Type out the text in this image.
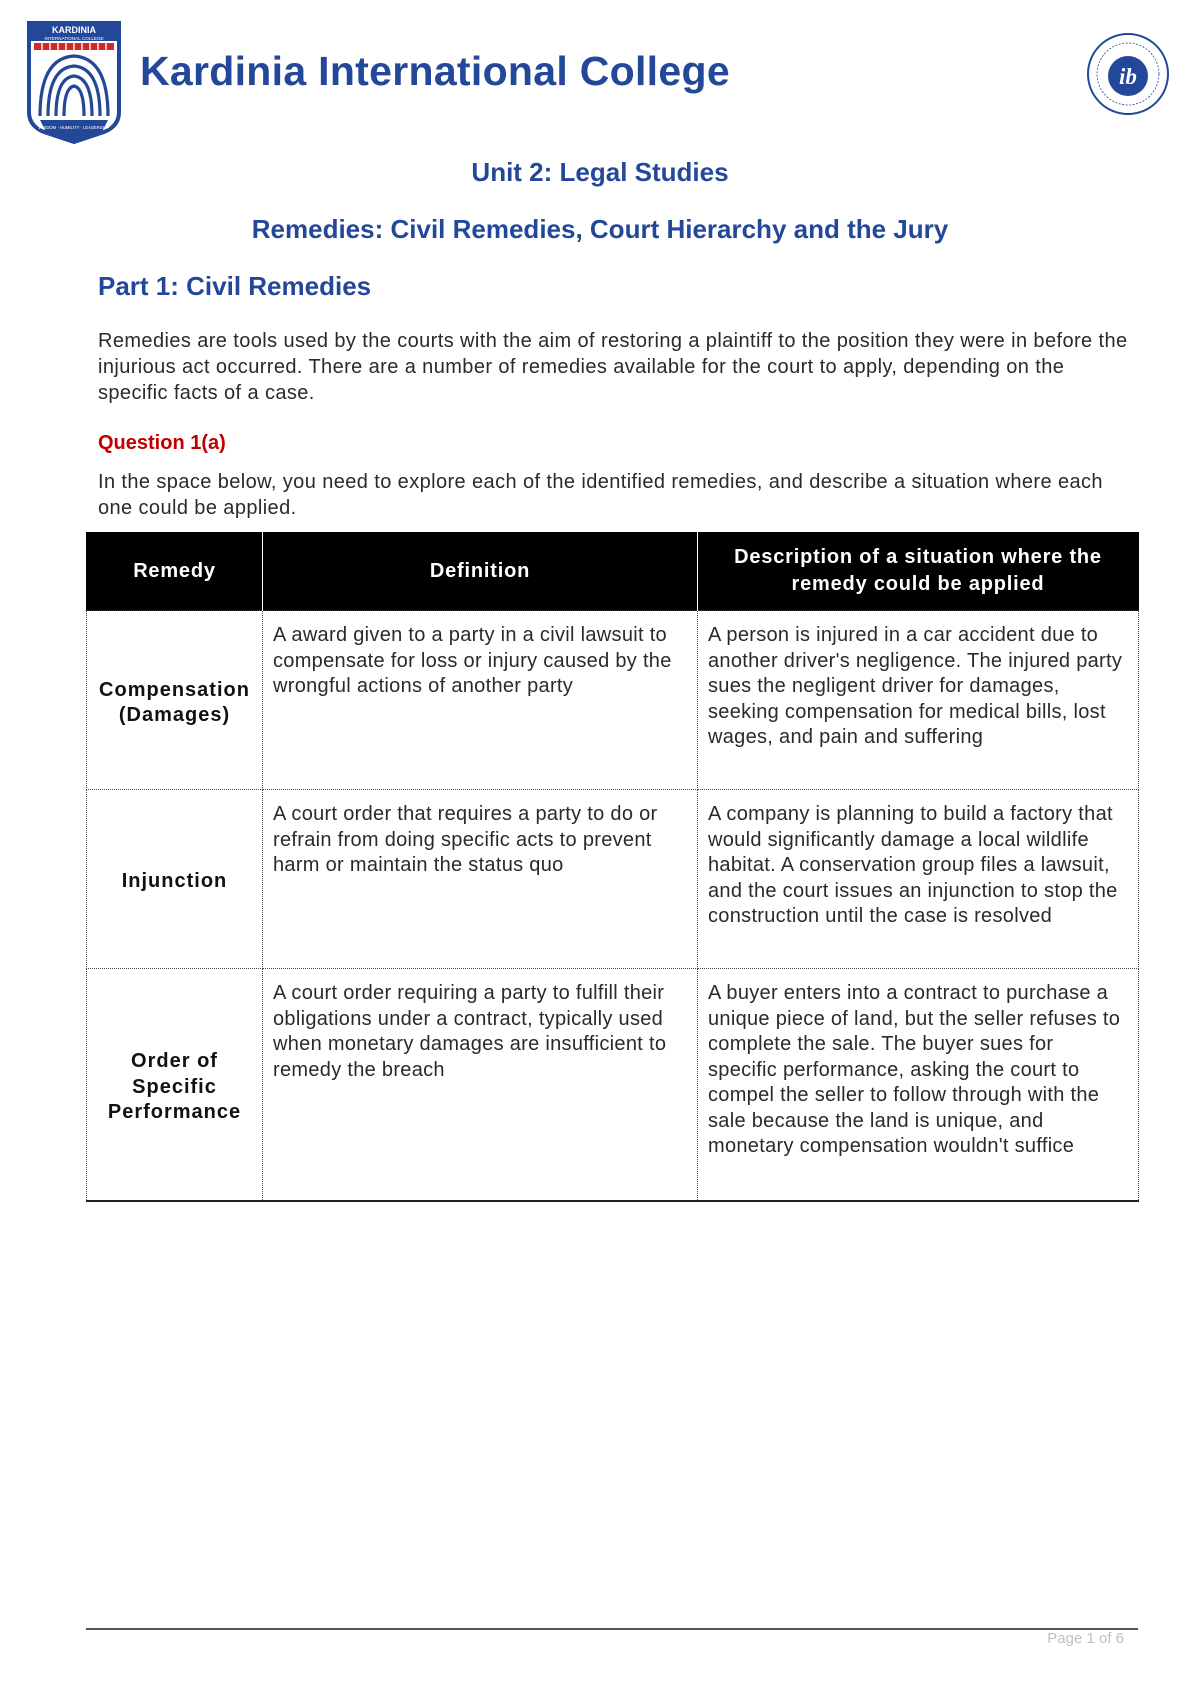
KARDINIA
INTERNATIONAL COLLEGE
WISDOM · HUMILITY · LEADERSHIP
Kardinia International College	ib
Unit 2: Legal Studies
Remedies: Civil Remedies, Court Hierarchy and the Jury
Part 1: Civil Remedies

Remedies are tools used by the courts with the aim of restoring a plaintiff to the position they were in before the injurious act occurred. There are a number of remedies available for the court to apply, depending on the specific facts of a case.

Question 1(a)

In the space below, you need to explore each of the identified remedies, and describe a situation where each one could be applied.

Remedy	Definition	Description of a situation where the remedy could be applied
Compensation (Damages)	A award given to a party in a civil lawsuit to compensate for loss or injury caused by the wrongful actions of another party	A person is injured in a car accident due to another driver's negligence. The injured party sues the negligent driver for damages, seeking compensation for medical bills, lost wages, and pain and suffering
Injunction	A court order that requires a party to do or refrain from doing specific acts to prevent harm or maintain the status quo	A company is planning to build a factory that would significantly damage a local wildlife habitat. A conservation group files a lawsuit, and the court issues an injunction to stop the construction until the case is resolved
Order of Specific Performance	A court order requiring a party to fulfill their obligations under a contract, typically used when monetary damages are insufficient to remedy the breach	A buyer enters into a contract to purchase a unique piece of land, but the seller refuses to complete the sale. The buyer sues for specific performance, asking the court to compel the seller to follow through with the sale because the land is unique, and monetary compensation wouldn't suffice
Page 1 of 6
